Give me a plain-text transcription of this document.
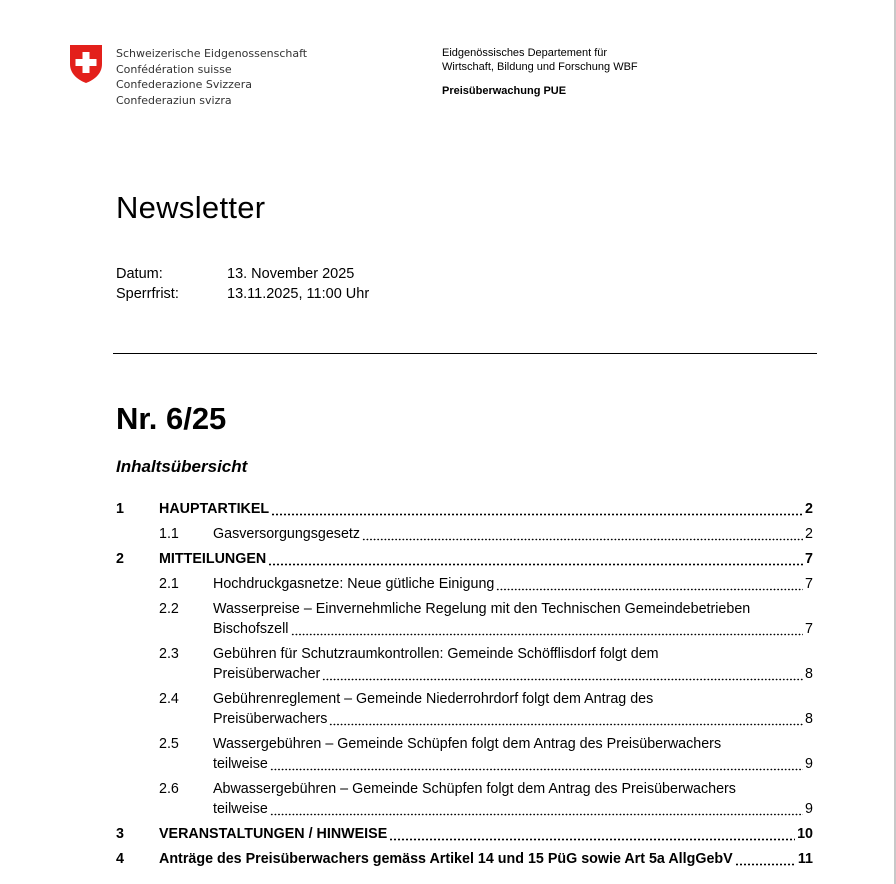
Schweizerische Eidgenossenschaft
Confédération suisse
Confederazione Svizzera
Confederaziun svizra
Eidgenössisches Departement für
Wirtschaft, Bildung und Forschung WBF
Preisüberwachung PUE
Newsletter
Datum:	13. November 2025
Sperrfrist:	13.11.2025, 11:00 Uhr
Nr. 6/25
Inhaltsübersicht
1	HAUPTARTIKEL	2
1.1	Gasversorgungsgesetz	2
2	MITTEILUNGEN	7
2.1	Hochdruckgasnetze: Neue gütliche Einigung	7
2.2	Wasserpreise – Einvernehmliche Regelung mit den Technischen Gemeindebetrieben
Bischofszell	7
2.3	Gebühren für Schutzraumkontrollen: Gemeinde Schöfflisdorf folgt dem
Preisüberwacher	8
2.4	Gebührenreglement – Gemeinde Niederrohrdorf folgt dem Antrag des
Preisüberwachers	8
2.5	Wassergebühren – Gemeinde Schüpfen folgt dem Antrag des Preisüberwachers
teilweise	9
2.6	Abwassergebühren – Gemeinde Schüpfen folgt dem Antrag des Preisüberwachers
teilweise	9
3	VERANSTALTUNGEN / HINWEISE	10
4	Anträge des Preisüberwachers gemäss Artikel 14 und 15 PüG sowie Art 5a AllgGebV	11
